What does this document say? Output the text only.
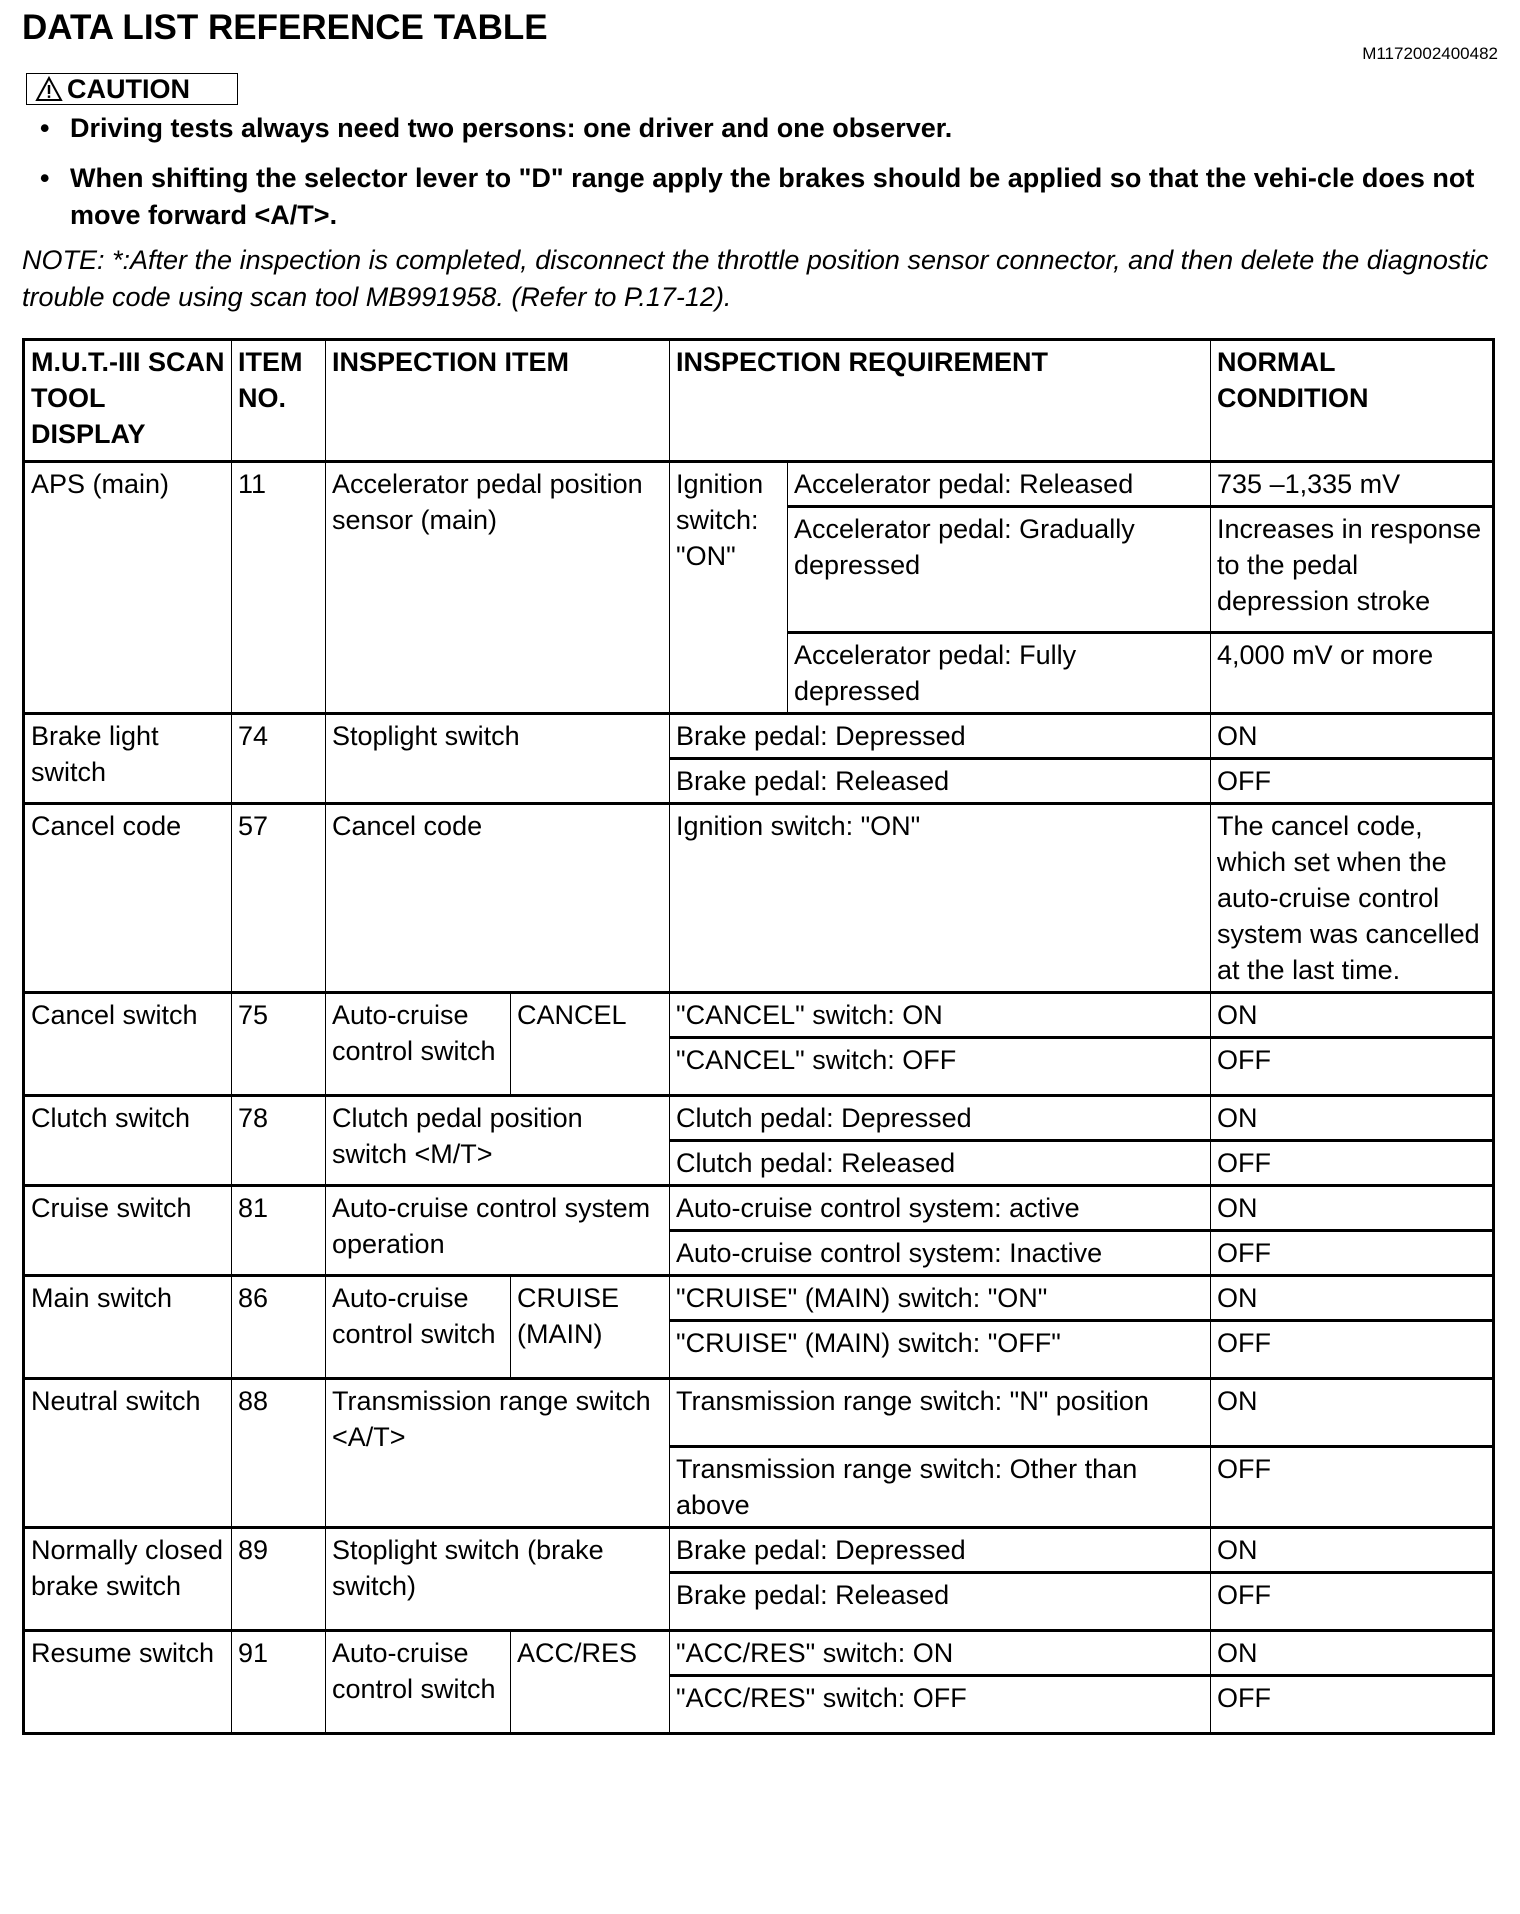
DATA LIST REFERENCE TABLE
M1172002400482
CAUTION
• Driving tests always need two persons: one driver and one observer.
• When shifting the selector lever to "D" range apply the brakes should be applied so that the vehi-cle does not move forward <A/T>.
NOTE: *:After the inspection is completed, disconnect the throttle position sensor connector, and then delete the diagnostic trouble code using scan tool MB991958. (Refer to P.17-12).
M.U.T.-III SCAN TOOL DISPLAY	ITEM NO.	INSPECTION ITEM		INSPECTION REQUIREMENT		NORMAL CONDITION
APS (main)	11	Accelerator pedal position sensor (main)		Ignition switch: "ON"	Accelerator pedal: Released	735 –1,335 mV
					Accelerator pedal: Gradually depressed	Increases in response to the pedal depression stroke
					Accelerator pedal: Fully depressed	4,000 mV or more
Brake light switch	74	Stoplight switch		Brake pedal: Depressed		ON
				Brake pedal: Released		OFF
Cancel code	57	Cancel code		Ignition switch: "ON"		The cancel code, which set when the auto-cruise control system was cancelled at the last time.
Cancel switch	75	Auto-cruise control switch	CANCEL	"CANCEL" switch: ON		ON
				"CANCEL" switch: OFF		OFF
Clutch switch	78	Clutch pedal position switch <M/T>		Clutch pedal: Depressed		ON
				Clutch pedal: Released		OFF
Cruise switch	81	Auto-cruise control system operation		Auto-cruise control system: active		ON
				Auto-cruise control system: Inactive		OFF
Main switch	86	Auto-cruise control switch	CRUISE (MAIN)	"CRUISE" (MAIN) switch: "ON"		ON
				"CRUISE" (MAIN) switch: "OFF"		OFF
Neutral switch	88	Transmission range switch <A/T>		Transmission range switch: "N" position		ON
				Transmission range switch: Other than above		OFF
Normally closed brake switch	89	Stoplight switch (brake switch)		Brake pedal: Depressed		ON
				Brake pedal: Released		OFF
Resume switch	91	Auto-cruise control switch	ACC/RES	"ACC/RES" switch: ON		ON
				"ACC/RES" switch: OFF		OFF
